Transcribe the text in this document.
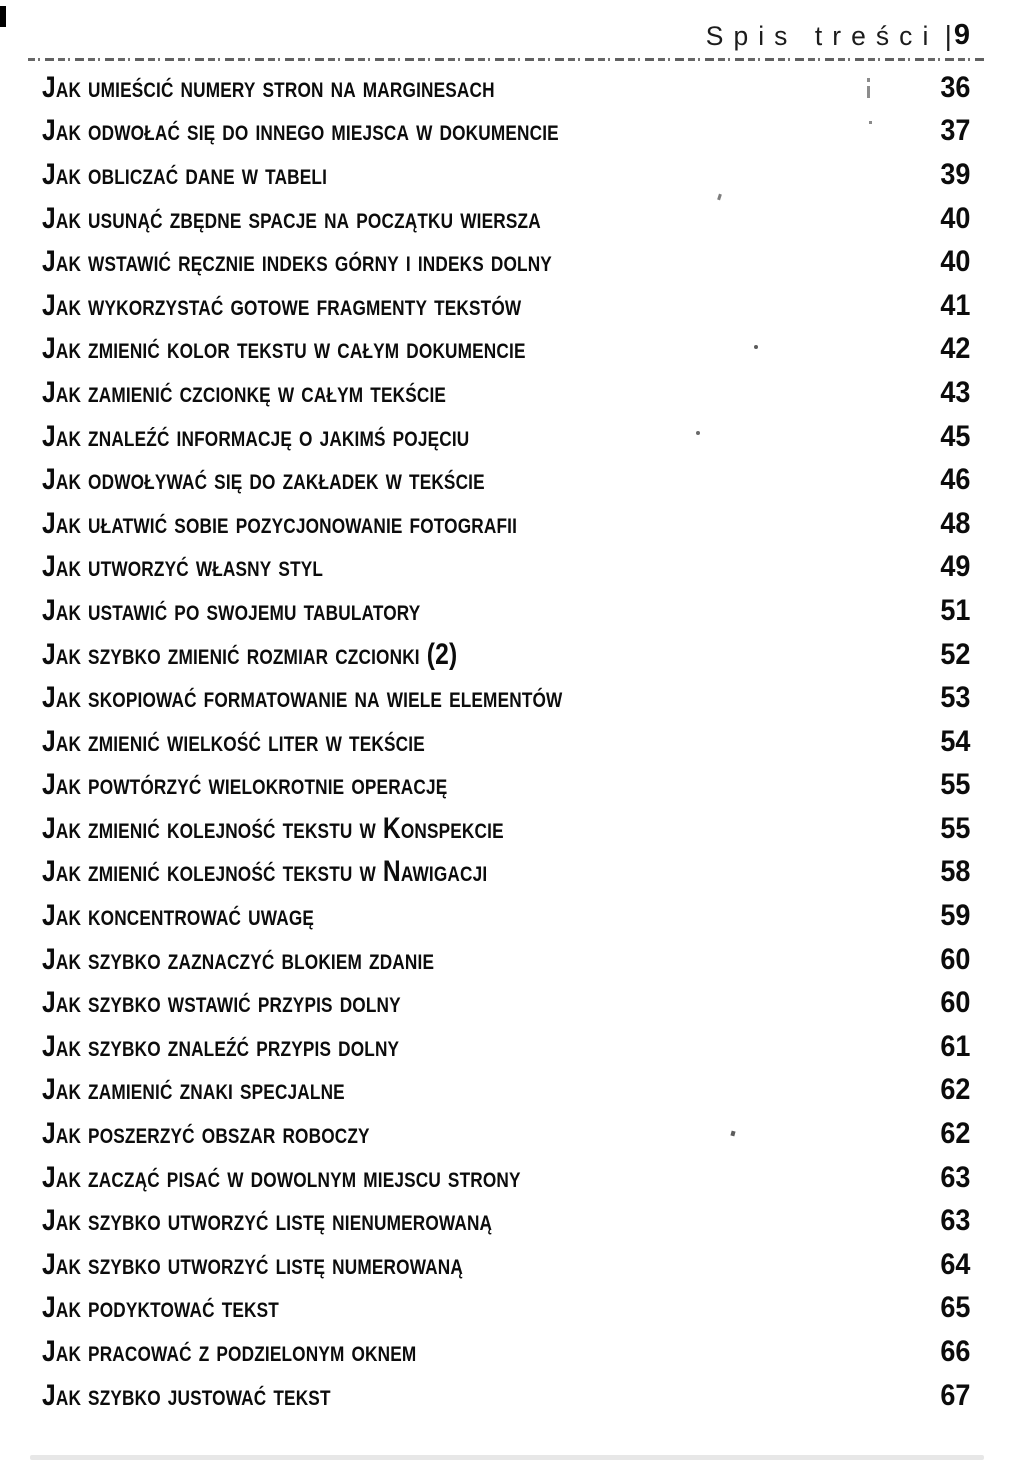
Spis treści | 9
Jak umieścić numery stron na marginesach	36
Jak odwołać się do innego miejsca w dokumencie	37
Jak obliczać dane w tabeli	39
Jak usunąć zbędne spacje na początku wiersza	40
Jak wstawić ręcznie indeks górny i indeks dolny	40
Jak wykorzystać gotowe fragmenty tekstów	41
Jak zmienić kolor tekstu w całym dokumencie	42
Jak zamienić czcionkę w całym tekście	43
Jak znaleźć informację o jakimś pojęciu	45
Jak odwoływać się do zakładek w tekście	46
Jak ułatwić sobie pozycjonowanie fotografii	48
Jak utworzyć własny styl	49
Jak ustawić po swojemu tabulatory	51
Jak szybko zmienić rozmiar czcionki (2)	52
Jak skopiować formatowanie na wiele elementów	53
Jak zmienić wielkość liter w tekście	54
Jak powtórzyć wielokrotnie operację	55
Jak zmienić kolejność tekstu w Konspekcie	55
Jak zmienić kolejność tekstu w Nawigacji	58
Jak koncentrować uwagę	59
Jak szybko zaznaczyć blokiem zdanie	60
Jak szybko wstawić przypis dolny	60
Jak szybko znaleźć przypis dolny	61
Jak zamienić znaki specjalne	62
Jak poszerzyć obszar roboczy	62
Jak zacząć pisać w dowolnym miejscu strony	63
Jak szybko utworzyć listę nienumerowaną	63
Jak szybko utworzyć listę numerowaną	64
Jak podyktować tekst	65
Jak pracować z podzielonym oknem	66
Jak szybko justować tekst	67
